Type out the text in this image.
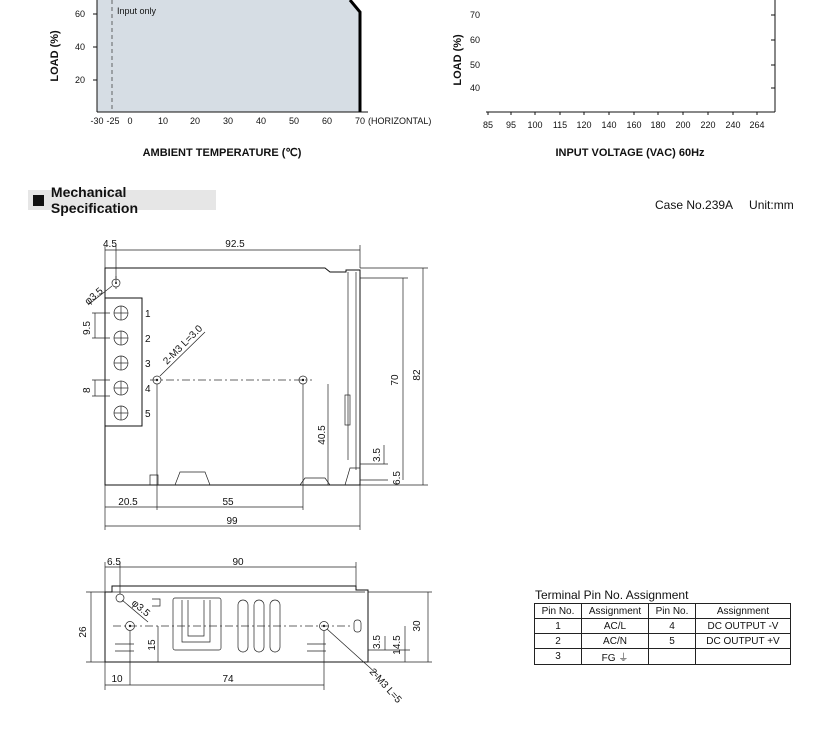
Input only
60
40
20
LOAD (%)
-30 -25 0	10 20	30	40	50	60	70 (HORIZONTAL)
AMBIENT TEMPERATURE (℃)
70
60
50
40
LOAD (%)
85 95 100 115 120 140 160 180 200 220 240 264
INPUT VOLTAGE (VAC) 60Hz
1
2
3
4
5
4.5	92.5
φ3.5
9.5
8
2-M3 L=3.0
70 82
40.5
3.5
6.5
20.5	55
99
6.5	90
φ3.5
26
15	3.5 14.5
30
10	74	2-M3 L=5
Mechanical Specification	Case No.239A Unit:mm
Terminal Pin No. Assignment
Pin No.	Assignment	Pin No.	Assignment
1	AC/L	4	DC OUTPUT -V
2	AC/N	5	DC OUTPUT +V
3	FG ⏚		
